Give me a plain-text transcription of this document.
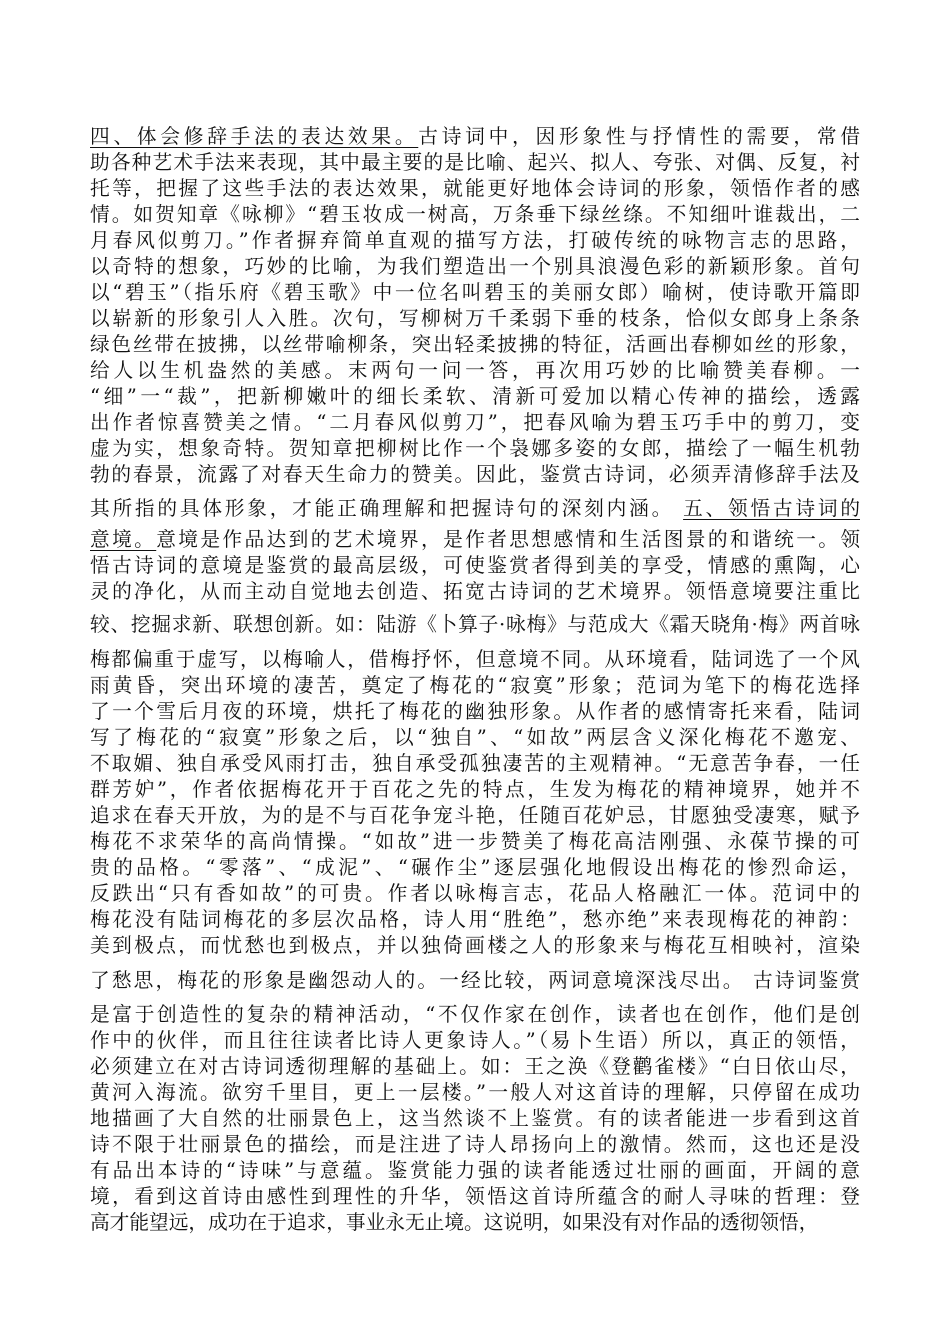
四、体会修辞手法的表达效果。古诗词中，因形象性与抒情性的需要，常借
助各种艺术手法来表现，其中最主要的是比喻、起兴、拟人、夸张、对偶、反复，衬
托等，把握了这些手法的表达效果，就能更好地体会诗词的形象，领悟作者的感
情。如贺知章《咏柳》“碧玉妆成一树高，万条垂下绿丝绦。不知细叶谁裁出，二
月春风似剪刀。”作者摒弃简单直观的描写方法，打破传统的咏物言志的思路，
以奇特的想象，巧妙的比喻，为我们塑造出一个别具浪漫色彩的新颖形象。首句
以“碧玉”（指乐府《碧玉歌》中一位名叫碧玉的美丽女郎）喻树，使诗歌开篇即
以崭新的形象引人入胜。次句，写柳树万千柔弱下垂的枝条，恰似女郎身上条条
绿色丝带在披拂，以丝带喻柳条，突出轻柔披拂的特征，活画出春柳如丝的形象，
给人以生机盎然的美感。末两句一问一答，再次用巧妙的比喻赞美春柳。一
“细”一“裁”，把新柳嫩叶的细长柔软、清新可爱加以精心传神的描绘，透露
出作者惊喜赞美之情。“二月春风似剪刀”，把春风喻为碧玉巧手中的剪刀，变
虚为实，想象奇特。贺知章把柳树比作一个袅娜多姿的女郎，描绘了一幅生机勃
勃的春景，流露了对春天生命力的赞美。因此，鉴赏古诗词，必须弄清修辞手法及
其所指的具体形象，才能正确理解和把握诗句的深刻内涵。 五、领悟古诗词的
意境。意境是作品达到的艺术境界，是作者思想感情和生活图景的和谐统一。领
悟古诗词的意境是鉴赏的最高层级，可使鉴赏者得到美的享受，情感的熏陶，心
灵的净化，从而主动自觉地去创造、拓宽古诗词的艺术境界。领悟意境要注重比
较、挖掘求新、联想创新。如：陆游《卜算子·咏梅》与范成大《霜天晓角·梅》两首咏
梅都偏重于虚写，以梅喻人，借梅抒怀，但意境不同。从环境看，陆词选了一个风
雨黄昏，突出环境的凄苦，奠定了梅花的“寂寞”形象；范词为笔下的梅花选择
了一个雪后月夜的环境，烘托了梅花的幽独形象。从作者的感情寄托来看，陆词
写了梅花的“寂寞”形象之后，以“独自”、“如故”两层含义深化梅花不邀宠、
不取媚、独自承受风雨打击，独自承受孤独凄苦的主观精神。“无意苦争春，一任
群芳妒”，作者依据梅花开于百花之先的特点，生发为梅花的精神境界，她并不
追求在春天开放，为的是不与百花争宠斗艳，任随百花妒忌，甘愿独受凄寒，赋予
梅花不求荣华的高尚情操。“如故”进一步赞美了梅花高洁刚强、永葆节操的可
贵的品格。“零落”、“成泥”、“碾作尘”逐层强化地假设出梅花的惨烈命运，
反跌出“只有香如故”的可贵。作者以咏梅言志，花品人格融汇一体。范词中的
梅花没有陆词梅花的多层次品格，诗人用“胜绝”，愁亦绝”来表现梅花的神韵：
美到极点，而忧愁也到极点，并以独倚画楼之人的形象来与梅花互相映衬，渲染
了愁思，梅花的形象是幽怨动人的。一经比较，两词意境深浅尽出。 古诗词鉴赏
是富于创造性的复杂的精神活动，“不仅作家在创作，读者也在创作，他们是创
作中的伙伴，而且往往读者比诗人更象诗人。”（易卜生语）所以，真正的领悟，
必须建立在对古诗词透彻理解的基础上。如：王之涣《登鹳雀楼》“白日依山尽，
黄河入海流。欲穷千里目，更上一层楼。”一般人对这首诗的理解，只停留在成功
地描画了大自然的壮丽景色上，这当然谈不上鉴赏。有的读者能进一步看到这首
诗不限于壮丽景色的描绘，而是注进了诗人昂扬向上的激情。然而，这也还是没
有品出本诗的“诗味”与意蕴。鉴赏能力强的读者能透过壮丽的画面，开阔的意
境，看到这首诗由感性到理性的升华，领悟这首诗所蕴含的耐人寻味的哲理：登
高才能望远，成功在于追求，事业永无止境。这说明，如果没有对作品的透彻领悟，
